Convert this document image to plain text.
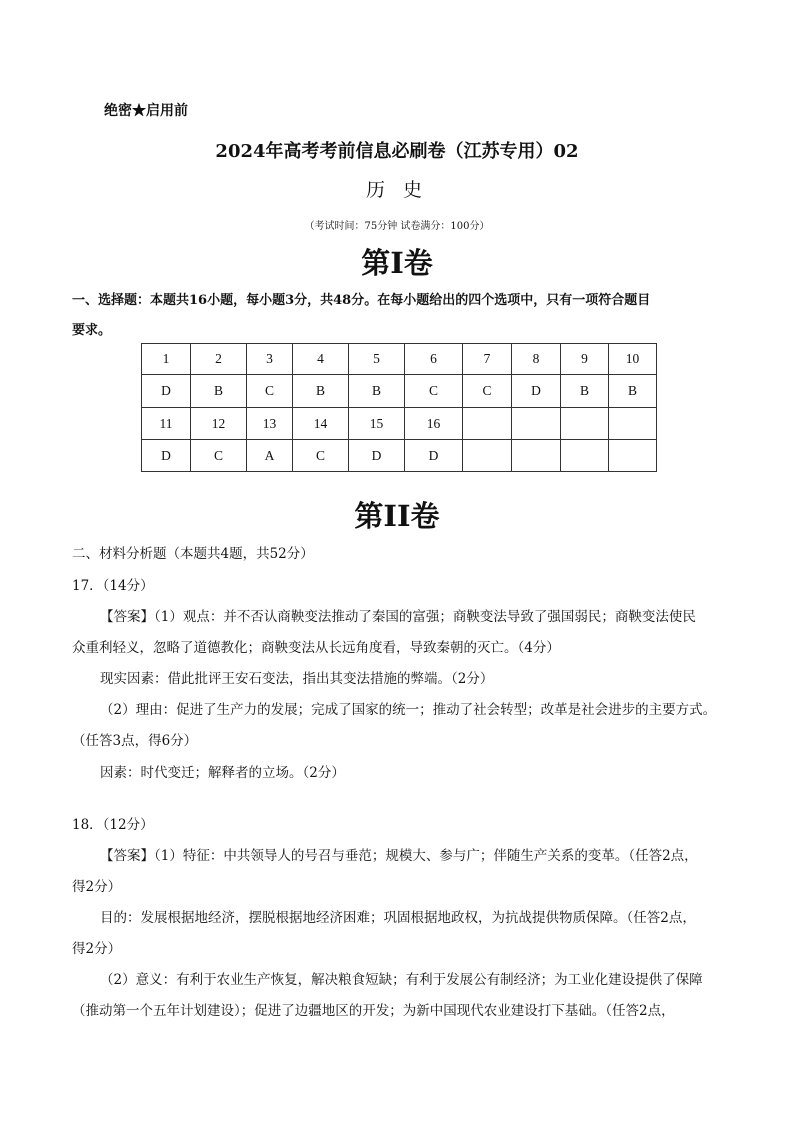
绝密★启用前
2024年高考考前信息必刷卷（江苏专用）02
历 史
（考试时间：75分钟 试卷满分：100分）
第I卷
一、选择题：本题共16小题，每小题3分，共48分。在每小题给出的四个选项中，只有一项符合题目
要求。
1	2	3	4	5	6	7	8	9	10
D	B	C	B	B	C	C	D	B	B
11	12	13	14	15	16				
D	C	A	C	D	D				
第II卷
二、材料分析题（本题共4题，共52分）
17．（14分）
【答案】（1）观点：并不否认商鞅变法推动了秦国的富强；商鞅变法导致了强国弱民；商鞅变法使民
众重利轻义，忽略了道德教化；商鞅变法从长远角度看，导致秦朝的灭亡。（4分）
现实因素：借此批评王安石变法，指出其变法措施的弊端。（2分）
（2）理由：促进了生产力的发展；完成了国家的统一；推动了社会转型；改革是社会进步的主要方式。
（任答3点，得6分）
因素：时代变迁；解释者的立场。（2分）
18．（12分）
【答案】（1）特征：中共领导人的号召与垂范；规模大、参与广；伴随生产关系的变革。（任答2点，
得2分）
目的：发展根据地经济，摆脱根据地经济困难；巩固根据地政权，为抗战提供物质保障。（任答2点，
得2分）
（2）意义：有利于农业生产恢复，解决粮食短缺；有利于发展公有制经济；为工业化建设提供了保障
（推动第一个五年计划建设）；促进了边疆地区的开发；为新中国现代农业建设打下基础。（任答2点，
